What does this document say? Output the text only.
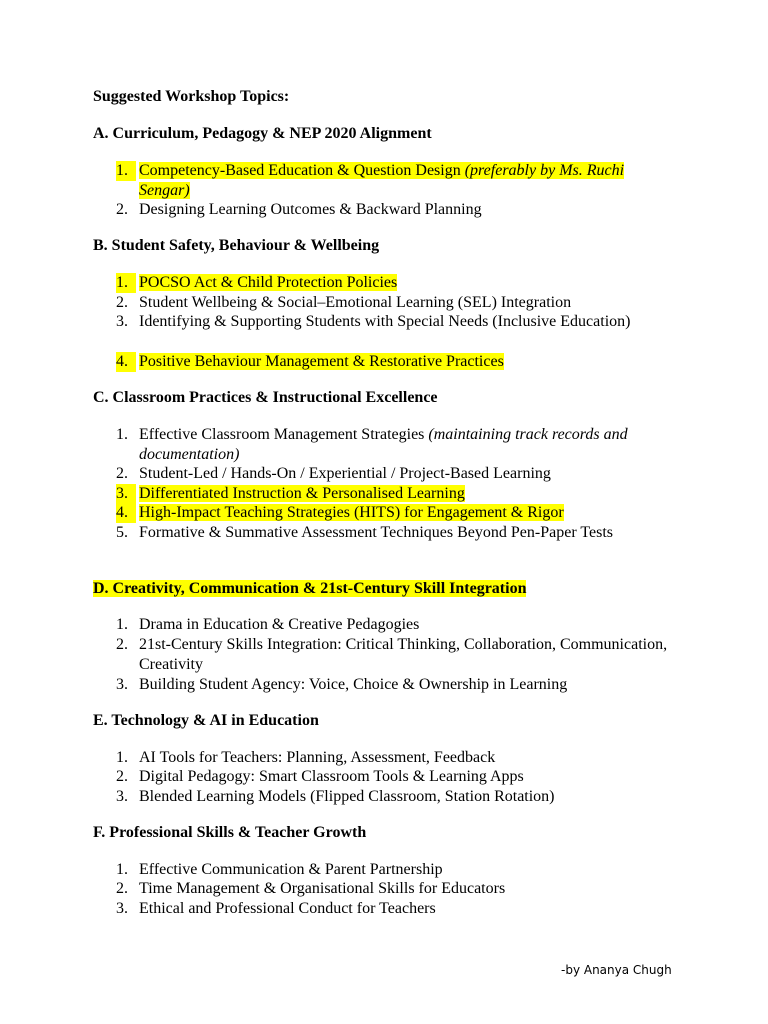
Suggested Workshop Topics:
A. Curriculum, Pedagogy & NEP 2020 Alignment
1. Competency-Based Education & Question Design (preferably by Ms. Ruchi Sengar)
2. Designing Learning Outcomes & Backward Planning
B. Student Safety, Behaviour & Wellbeing
1. POCSO Act & Child Protection Policies
2. Student Wellbeing & Social–Emotional Learning (SEL) Integration
3. Identifying & Supporting Students with Special Needs (Inclusive Education)
4. Positive Behaviour Management & Restorative Practices
C. Classroom Practices & Instructional Excellence
1. Effective Classroom Management Strategies (maintaining track records and documentation)
2. Student-Led / Hands-On / Experiential / Project-Based Learning
3. Differentiated Instruction & Personalised Learning
4. High-Impact Teaching Strategies (HITS) for Engagement & Rigor
5. Formative & Summative Assessment Techniques Beyond Pen-Paper Tests
D. Creativity, Communication & 21st-Century Skill Integration
1. Drama in Education & Creative Pedagogies
2. 21st-Century Skills Integration: Critical Thinking, Collaboration, Communication, Creativity
3. Building Student Agency: Voice, Choice & Ownership in Learning
E. Technology & AI in Education
1. AI Tools for Teachers: Planning, Assessment, Feedback
2. Digital Pedagogy: Smart Classroom Tools & Learning Apps
3. Blended Learning Models (Flipped Classroom, Station Rotation)
F. Professional Skills & Teacher Growth
1. Effective Communication & Parent Partnership
2. Time Management & Organisational Skills for Educators
3. Ethical and Professional Conduct for Teachers
-by Ananya Chugh
